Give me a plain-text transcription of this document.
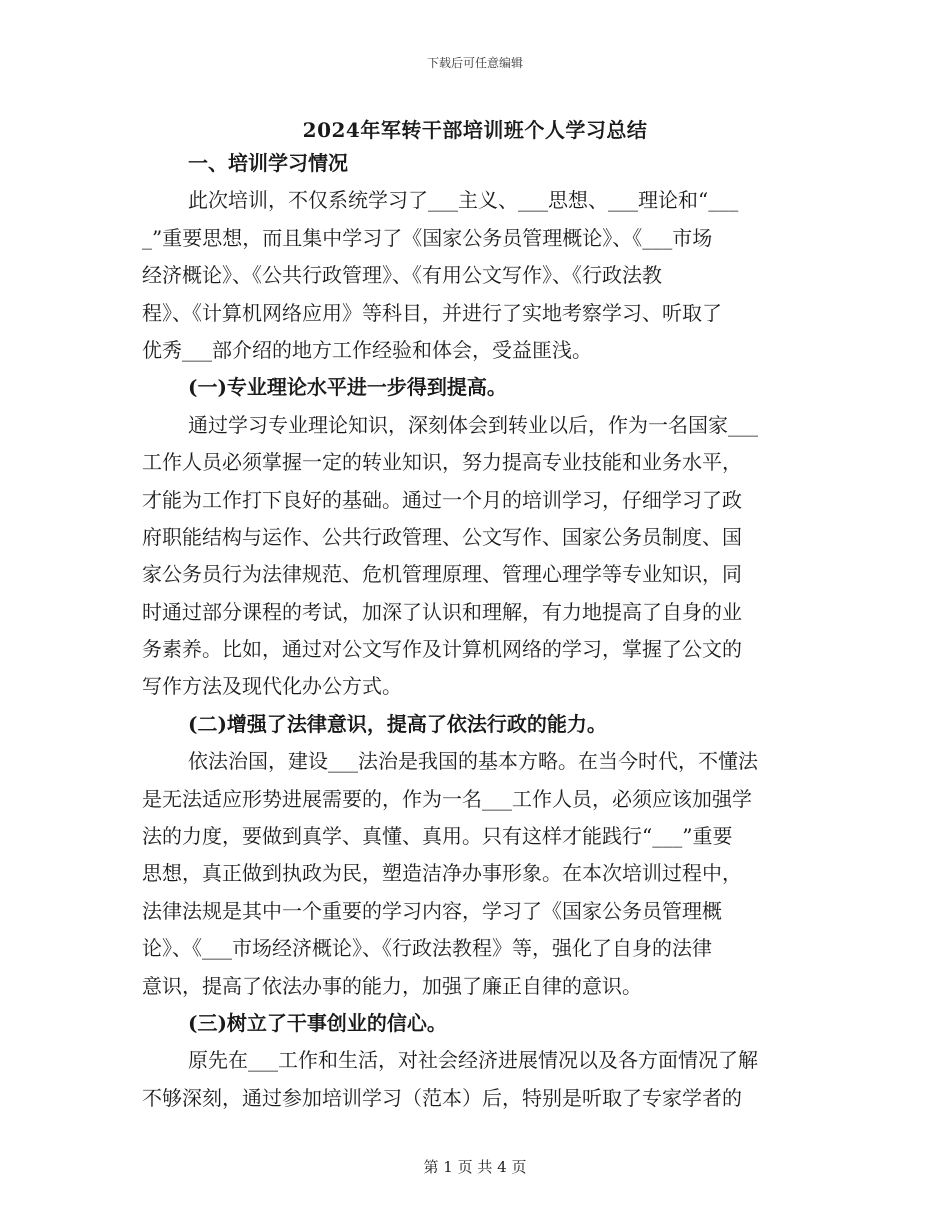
下载后可任意编辑
2024年军转干部培训班个人学习总结
一、培训学习情况
此次培训，不仅系统学习了___主义、___思想、___理论和“___
_”重要思想，而且集中学习了《国家公务员管理概论》、《___市场
经济概论》、《公共行政管理》、《有用公文写作》、《行政法教
程》、《计算机网络应用》等科目，并进行了实地考察学习、听取了
优秀___部介绍的地方工作经验和体会，受益匪浅。
(一)专业理论水平进一步得到提高。
通过学习专业理论知识，深刻体会到转业以后，作为一名国家___
工作人员必须掌握一定的转业知识，努力提高专业技能和业务水平，
才能为工作打下良好的基础。通过一个月的培训学习，仔细学习了政
府职能结构与运作、公共行政管理、公文写作、国家公务员制度、国
家公务员行为法律规范、危机管理原理、管理心理学等专业知识，同
时通过部分课程的考试，加深了认识和理解，有力地提高了自身的业
务素养。比如，通过对公文写作及计算机网络的学习，掌握了公文的
写作方法及现代化办公方式。
(二)增强了法律意识，提高了依法行政的能力。
依法治国，建设___法治是我国的基本方略。在当今时代，不懂法
是无法适应形势进展需要的，作为一名___工作人员，必须应该加强学
法的力度，要做到真学、真懂、真用。只有这样才能践行“___”重要
思想，真正做到执政为民，塑造洁净办事形象。在本次培训过程中，
法律法规是其中一个重要的学习内容，学习了《国家公务员管理概
论》、《___市场经济概论》、《行政法教程》等，强化了自身的法律
意识，提高了依法办事的能力，加强了廉正自律的意识。
(三)树立了干事创业的信心。
原先在___工作和生活，对社会经济进展情况以及各方面情况了解
不够深刻，通过参加培训学习（范本）后，特别是听取了专家学者的
第 1 页 共 4 页
